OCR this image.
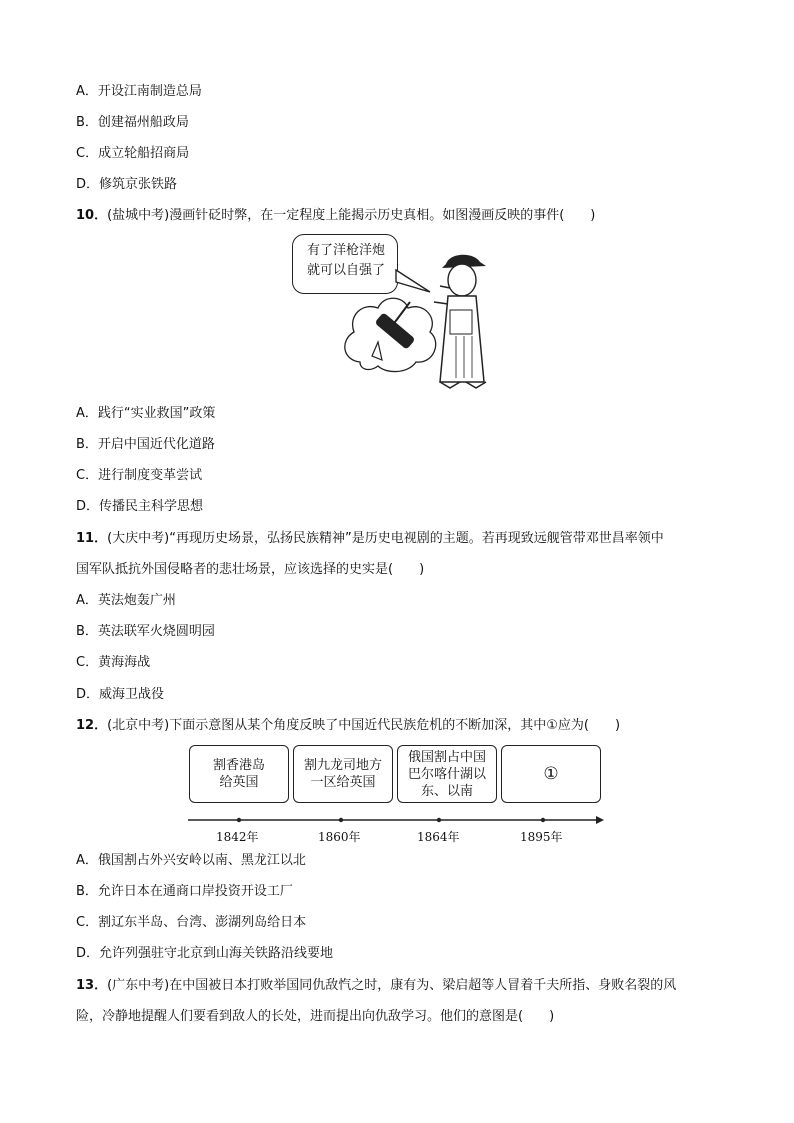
A．开设江南制造总局
B．创建福州船政局
C．成立轮船招商局
D．修筑京张铁路
10．(盐城中考)漫画针砭时弊，在一定程度上能揭示历史真相。如图漫画反映的事件(　　)
有了洋枪洋炮
就可以自强了
A．践行“实业救国”政策
B．开启中国近代化道路
C．进行制度变革尝试
D．传播民主科学思想
11．(大庆中考)“再现历史场景，弘扬民族精神”是历史电视剧的主题。若再现致远舰管带邓世昌率领中
国军队抵抗外国侵略者的悲壮场景，应该选择的史实是(　　)
A．英法炮轰广州
B．英法联军火烧圆明园
C．黄海海战
D．威海卫战役
12．(北京中考)下面示意图从某个角度反映了中国近代民族危机的不断加深，其中①应为(　　)
割香港岛
给英国
割九龙司地方
一区给英国
俄国割占中国
巴尔喀什湖以
东、以南
①
1842年	1860年	1864年	1895年
A．俄国割占外兴安岭以南、黑龙江以北
B．允许日本在通商口岸投资开设工厂
C．割辽东半岛、台湾、澎湖列岛给日本
D．允许列强驻守北京到山海关铁路沿线要地
13．(广东中考)在中国被日本打败举国同仇敌忾之时，康有为、梁启超等人冒着千夫所指、身败名裂的风
险，冷静地提醒人们要看到敌人的长处，进而提出向仇敌学习。他们的意图是(　　)
